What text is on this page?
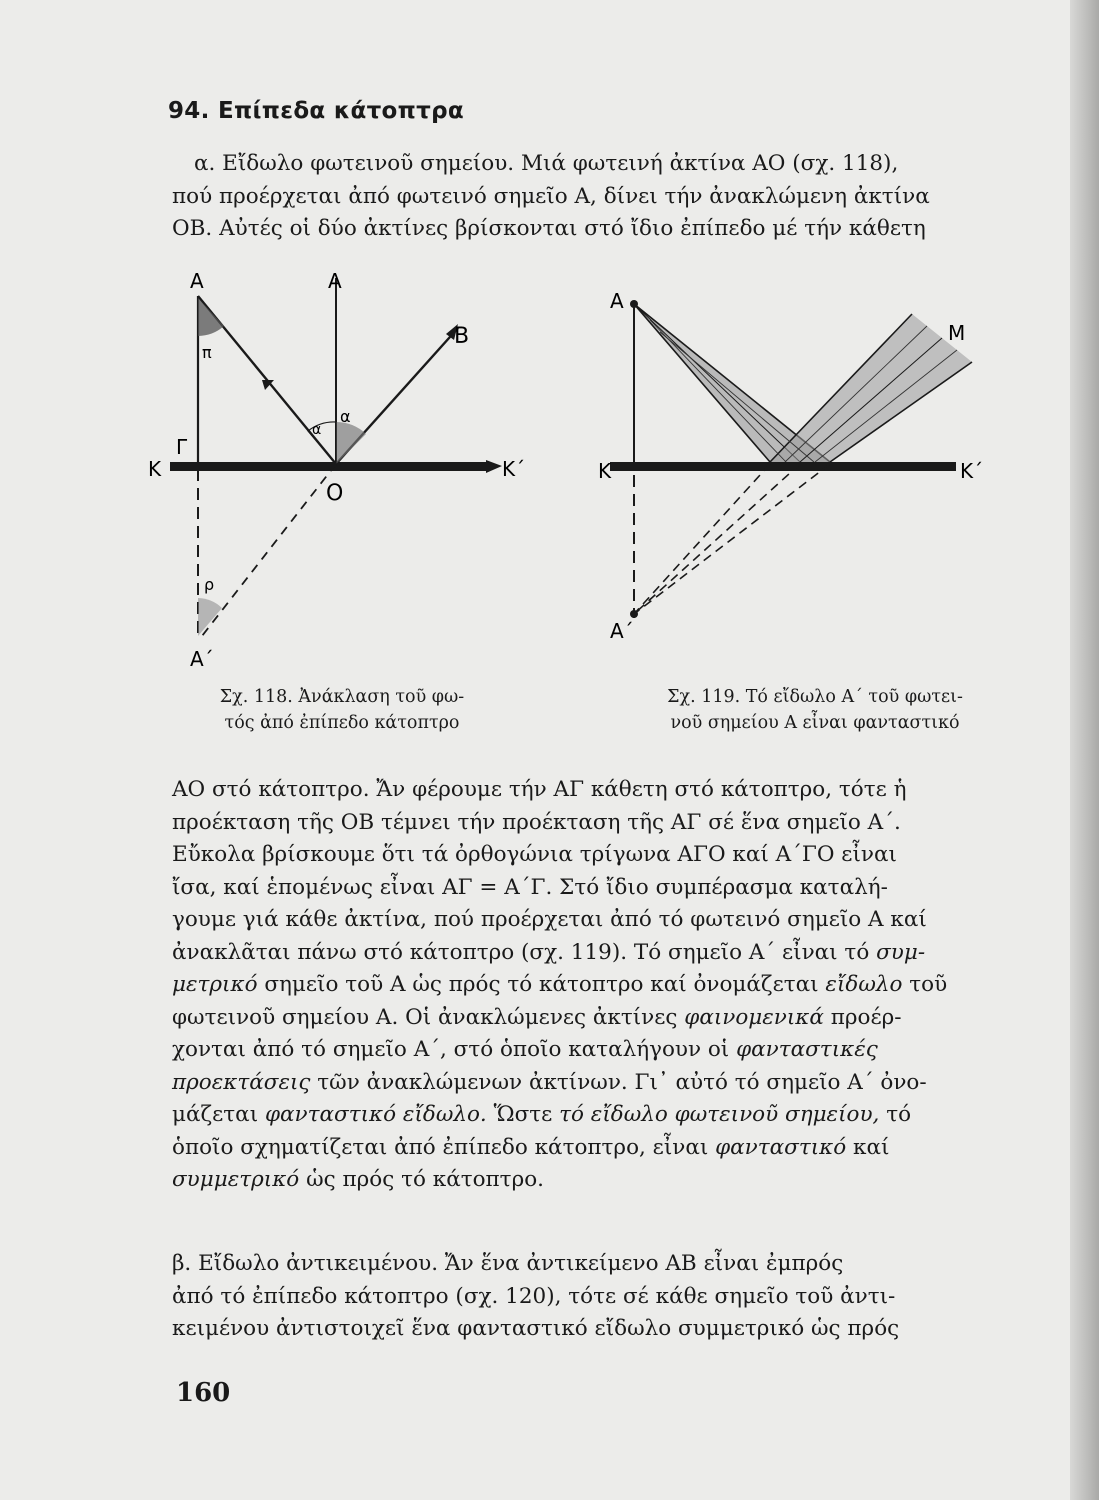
94. Επίπεδα κάτοπτρα
α. Εἴδωλο φωτεινοῦ σημείου. Μιά φωτεινή ἀκτίνα ΑΟ (σχ. 118),
πού προέρχεται ἀπό φωτεινό σημεῖο Α, δίνει τήν ἀνακλώμενη ἀκτίνα
ΟΒ. Αὐτές οἱ δύο ἀκτίνες βρίσκονται στό ἴδιο ἐπίπεδο μέ τήν κάθετη
Α	Α
Β
Κ	Κ΄
Ο
Γ
Α΄
π
α
α
ρ
Α
Μ
Κ	Κ΄
Α΄
Σχ. 118. Ἀνάκλαση τοῦ φω-
τός ἀπό ἐπίπεδο κάτοπτρο
Σχ. 119. Τό εἴδωλο Α΄ τοῦ φωτει-
νοῦ σημείου Α εἶναι φανταστικό
ΑΟ στό κάτοπτρο. Ἄν φέρουμε τήν ΑΓ κάθετη στό κάτοπτρο, τότε ἡ
προέκταση τῆς ΟΒ τέμνει τήν προέκταση τῆς ΑΓ σέ ἕνα σημεῖο Α΄.
Εὔκολα βρίσκουμε ὅτι τά ὀρθογώνια τρίγωνα ΑΓΟ καί Α΄ΓΟ εἶναι
ἴσα, καί ἑπομένως εἶναι ΑΓ = Α΄Γ. Στό ἴδιο συμπέρασμα καταλή-
γουμε γιά κάθε ἀκτίνα, πού προέρχεται ἀπό τό φωτεινό σημεῖο Α καί
ἀνακλᾶται πάνω στό κάτοπτρο (σχ. 119). Τό σημεῖο Α΄ εἶναι τό συμ-
μετρικό σημεῖο τοῦ Α ὡς πρός τό κάτοπτρο καί ὀνομάζεται εἴδωλο τοῦ
φωτεινοῦ σημείου Α. Οἱ ἀνακλώμενες ἀκτίνες φαινομενικά προέρ-
χονται ἀπό τό σημεῖο Α΄, στό ὁποῖο καταλήγουν οἱ φανταστικές
προεκτάσεις τῶν ἀνακλώμενων ἀκτίνων. Γι᾽ αὐτό τό σημεῖο Α΄ ὀνο-
μάζεται φανταστικό εἴδωλο. Ὥστε τό εἴδωλο φωτεινοῦ σημείου, τό
ὁποῖο σχηματίζεται ἀπό ἐπίπεδο κάτοπτρο, εἶναι φανταστικό καί
συμμετρικό ὡς πρός τό κάτοπτρο.
β. Εἴδωλο ἀντικειμένου. Ἄν ἕνα ἀντικείμενο ΑΒ εἶναι ἐμπρός
ἀπό τό ἐπίπεδο κάτοπτρο (σχ. 120), τότε σέ κάθε σημεῖο τοῦ ἀντι-
κειμένου ἀντιστοιχεῖ ἕνα φανταστικό εἴδωλο συμμετρικό ὡς πρός
160
